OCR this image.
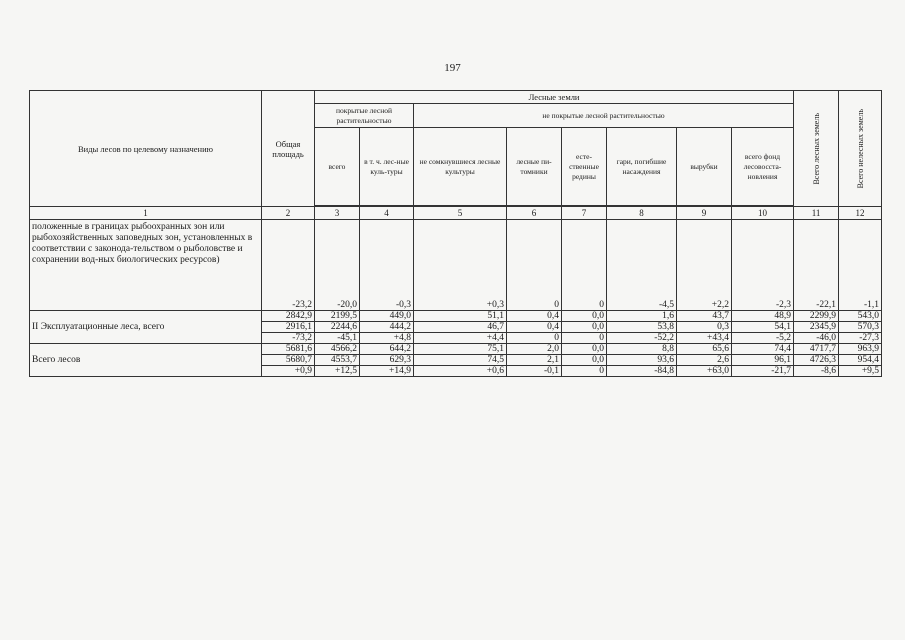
197
Виды лесов по целевому назначению	Общая площадь	Лесные земли								Всего лесных земель	Всего нелесных земель

		покрытые лесной растительностью		не покрытые лесной растительностью							
		всего	в т. ч. лес-ные куль-туры	не сомкнувшиеся лесные культуры	лесные пи-томники	есте-ственные редины	гари, погибшие насаждения	вырубки	всего фонд лесовосста-новления		

1	2	3	4	5	6	7	8	9	10	11	12
положенные в границах рыбоохранных зон или рыбохозяйственных заповедных зон, установленных в соответствии с законода-тельством о рыболовстве и сохранении вод-ных биологических ресурсов)	-23,2	-20,0	-0,3	+0,3	0	0	-4,5	+2,2	-2,3	-22,1	-1,1
II Эксплуатационные леса, всего	2842,9	2199,5	449,0	51,1	0,4	0,0	1,6	43,7	48,9	2299,9	543,0
	2916,1	2244,6	444,2	46,7	0,4	0,0	53,8	0,3	54,1	2345,9	570,3
	-73,2	-45,1	+4,8	+4,4	0	0	-52,2	+43,4	-5,2	-46,0	-27,3
Всего лесов	5681,6	4566,2	644,2	75,1	2,0	0,0	8,8	65,6	74,4	4717,7	963,9
	5680,7	4553,7	629,3	74,5	2,1	0,0	93,6	2,6	96,1	4726,3	954,4
	+0,9	+12,5	+14,9	+0,6	-0,1	0	-84,8	+63,0	-21,7	-8,6	+9,5
